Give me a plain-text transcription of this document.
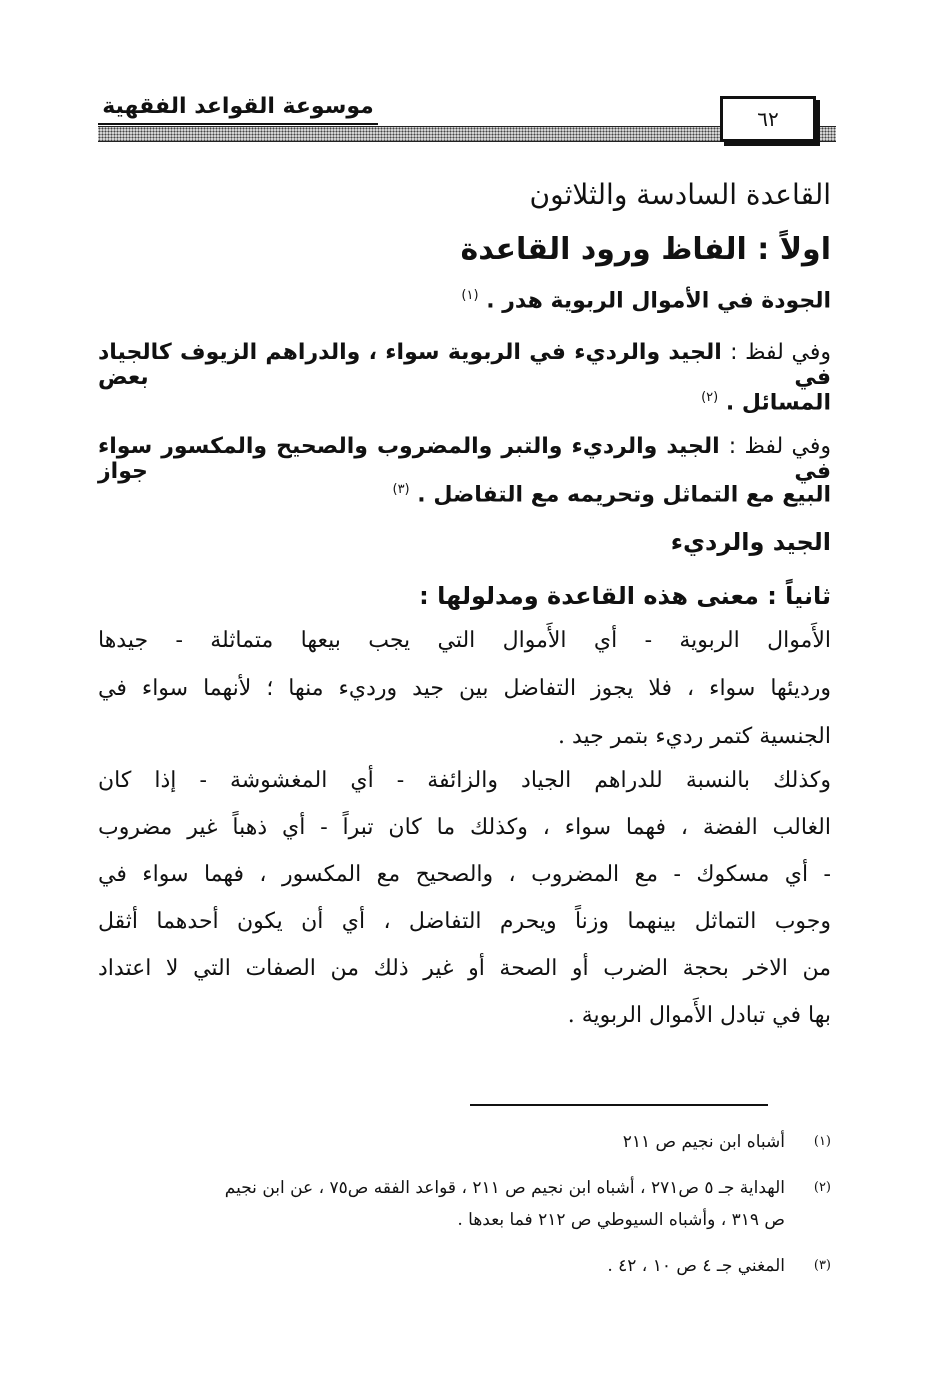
موسوعة القواعد الفقهية	٦٢
القاعدة السادسة والثلاثون
اولاً : الفاظ ورود القاعدة
الجودة في الأموال الربوية هدر . $^{(١)}$
وفي لفظ : الجيد والرديء في الربوية سواء ، والدراهم الزيوف كالجياد في بعض
المسائل . $^{(٢)}$
وفي لفظ : الجيد والرديء والتبر والمضروب والصحيح والمكسور سواء في جواز
البيع مع التماثل وتحريمه مع التفاضل . $^{(٣)}$
الجيد والرديء
ثانياً : معنى هذه القاعدة ومدلولها :
الأَموال الربوية - أي الأَموال التي يجب بيعها متماثلة - جيدها
ورديئها سواء ، فلا يجوز التفاضل بين جيد ورديء منها ؛ لأنهما سواء في
الجنسية كتمر رديء بتمر جيد .
وكذلك بالنسبة للدراهم الجياد والزائفة - أي المغشوشة - إذا كان
الغالب الفضة ، فهما سواء ، وكذلك ما كان تبراً - أي ذهباً غير مضروب
- أي مسكوك - مع المضروب ، والصحيح مع المكسور ، فهما سواء في
وجوب التماثل بينهما وزناً ويحرم التفاضل ، أي أن يكون أحدهما أثقل
من الاخر بحجة الضرب أو الصحة أو غير ذلك من الصفات التي لا اعتداد
بها في تبادل الأَموال الربوية .
(١)أشباه ابن نجيم ص ٢١١
(٢)الهداية جـ ٥ ص٢٧١ ، أشباه ابن نجيم ص ٢١١ ، قواعد الفقه ص٧٥ ، عن ابن نجيم
ص ٣١٩ ، وأشباه السيوطي ص ٢١٢ فما بعدها .
(٣)المغني جـ ٤ ص ١٠ ، ٤٢ .
